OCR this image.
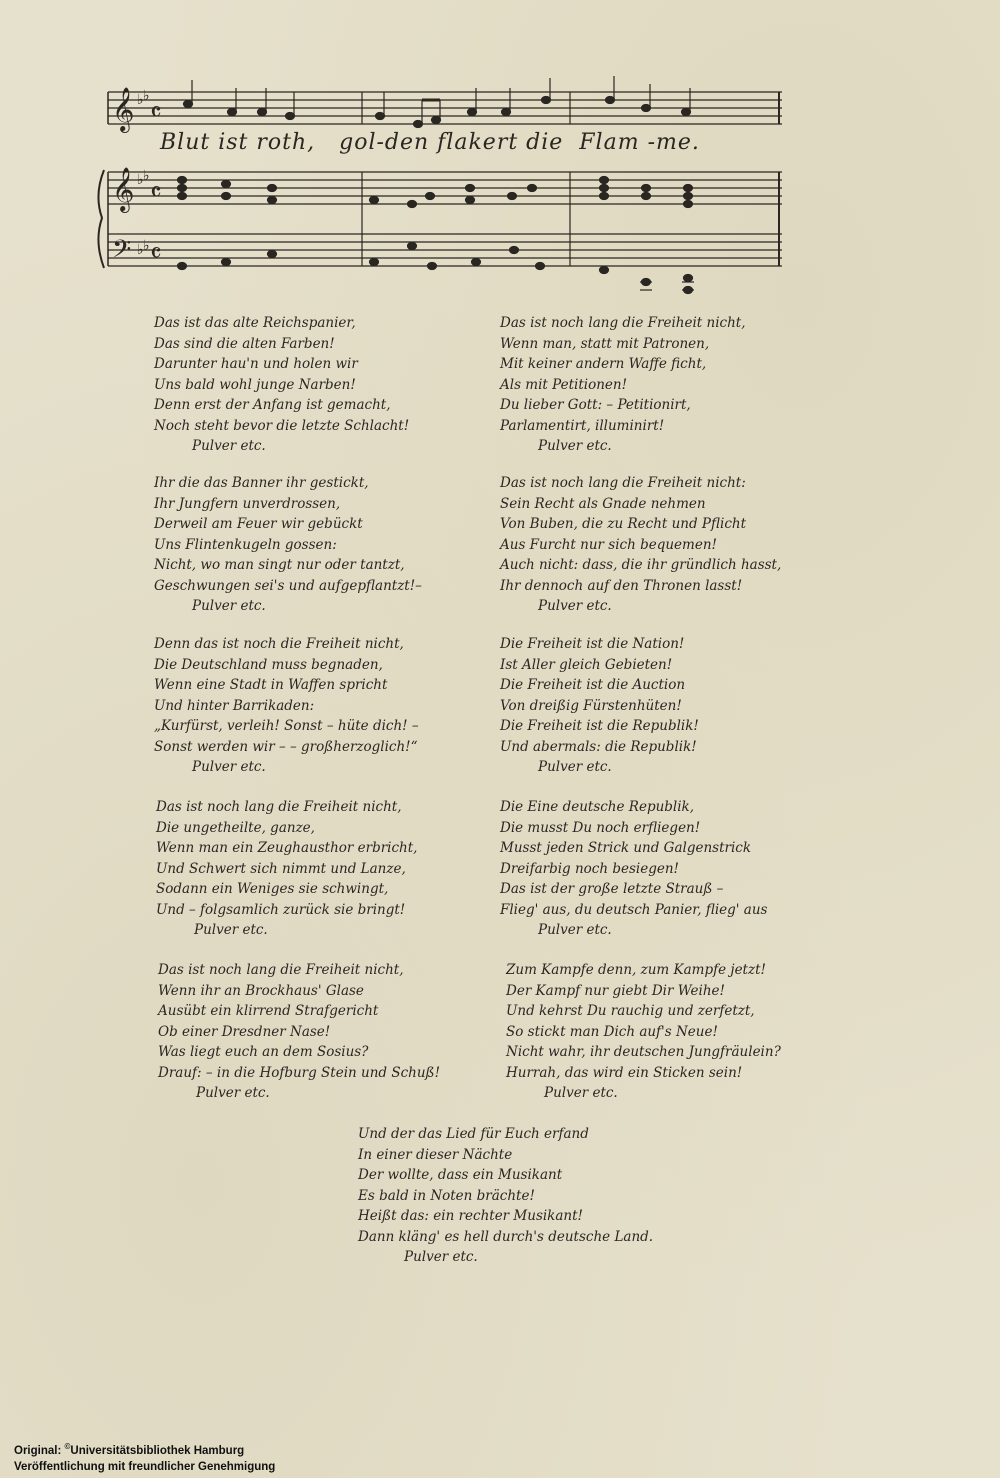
𝄞 ♭ ♭
𝄴
𝄞 ♭ ♭
𝄴
𝄢 ♭ ♭ 𝄴
Blut ist roth,   gol-den flakert die  Flam -me.
Das ist das alte Reichspanier,
Das sind die alten Farben!
Darunter hau'n und holen wir
Uns bald wohl junge Narben!
Denn erst der Anfang ist gemacht,
Noch steht bevor die letzte Schlacht!
Pulver etc.
Ihr die das Banner ihr gestickt,
Ihr Jungfern unverdrossen,
Derweil am Feuer wir gebückt
Uns Flintenkugeln gossen:
Nicht, wo man singt nur oder tantzt,
Geschwungen sei's und aufgepflantzt!–
Pulver etc.
Denn das ist noch die Freiheit nicht,
Die Deutschland muss begnaden,
Wenn eine Stadt in Waffen spricht
Und hinter Barrikaden:
„Kurfürst, verleih! Sonst – hüte dich! –
Sonst werden wir – – großherzoglich!“
Pulver etc.
Das ist noch lang die Freiheit nicht,
Die ungetheilte, ganze,
Wenn man ein Zeughausthor erbricht,
Und Schwert sich nimmt und Lanze,
Sodann ein Weniges sie schwingt,
Und – folgsamlich zurück sie bringt!
Pulver etc.
Das ist noch lang die Freiheit nicht,
Wenn ihr an Brockhaus' Glase
Ausübt ein klirrend Strafgericht
Ob einer Dresdner Nase!
Was liegt euch an dem Sosius?
Drauf: – in die Hofburg Stein und Schuß!
Pulver etc.
Das ist noch lang die Freiheit nicht,
Wenn man, statt mit Patronen,
Mit keiner andern Waffe ficht,
Als mit Petitionen!
Du lieber Gott: – Petitionirt,
Parlamentirt, illuminirt!
Pulver etc.
Das ist noch lang die Freiheit nicht:
Sein Recht als Gnade nehmen
Von Buben, die zu Recht und Pflicht
Aus Furcht nur sich bequemen!
Auch nicht: dass, die ihr gründlich hasst,
Ihr dennoch auf den Thronen lasst!
Pulver etc.
Die Freiheit ist die Nation!
Ist Aller gleich Gebieten!
Die Freiheit ist die Auction
Von dreißig Fürstenhüten!
Die Freiheit ist die Republik!
Und abermals: die Republik!
Pulver etc.
Die Eine deutsche Republik,
Die musst Du noch erfliegen!
Musst jeden Strick und Galgenstrick
Dreifarbig noch besiegen!
Das ist der große letzte Strauß –
Flieg' aus, du deutsch Panier, flieg' aus
Pulver etc.
Zum Kampfe denn, zum Kampfe jetzt!
Der Kampf nur giebt Dir Weihe!
Und kehrst Du rauchig und zerfetzt,
So stickt man Dich auf's Neue!
Nicht wahr, ihr deutschen Jungfräulein?
Hurrah, das wird ein Sticken sein!
Pulver etc.
Und der das Lied für Euch erfand
In einer dieser Nächte
Der wollte, dass ein Musikant
Es bald in Noten brächte!
Heißt das: ein rechter Musikant!
Dann kläng' es hell durch's deutsche Land.
Pulver etc.
Original: ©Universitätsbibliothek Hamburg
Veröffentlichung mit freundlicher Genehmigung
